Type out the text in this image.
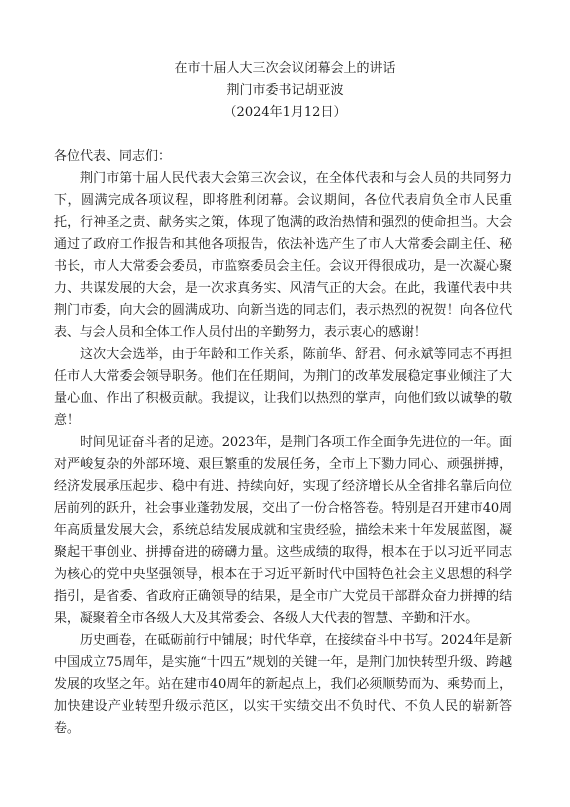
在市十届人大三次会议闭幕会上的讲话
荆门市委书记胡亚波
（2024年1月12日）

各位代表、同志们：

荆门市第十届人民代表大会第三次会议，在全体代表和与会人员的共同努力下，圆满完成各项议程，即将胜利闭幕。会议期间，各位代表肩负全市人民重托，行神圣之责、献务实之策，体现了饱满的政治热情和强烈的使命担当。大会通过了政府工作报告和其他各项报告，依法补选产生了市人大常委会副主任、秘书长，市人大常委会委员，市监察委员会主任。会议开得很成功，是一次凝心聚力、共谋发展的大会，是一次求真务实、风清气正的大会。在此，我谨代表中共荆门市委，向大会的圆满成功、向新当选的同志们，表示热烈的祝贺！向各位代表、与会人员和全体工作人员付出的辛勤努力，表示衷心的感谢！

这次大会选举，由于年龄和工作关系，陈前华、舒君、何永斌等同志不再担任市人大常委会领导职务。他们在任期间，为荆门的改革发展稳定事业倾注了大量心血、作出了积极贡献。我提议，让我们以热烈的掌声，向他们致以诚挚的敬意！

时间见证奋斗者的足迹。2023年，是荆门各项工作全面争先进位的一年。面对严峻复杂的外部环境、艰巨繁重的发展任务，全市上下勠力同心、顽强拼搏，经济发展承压起步、稳中有进、持续向好，实现了经济增长从全省排名靠后向位居前列的跃升，社会事业蓬勃发展，交出了一份合格答卷。特别是召开建市40周年高质量发展大会，系统总结发展成就和宝贵经验，描绘未来十年发展蓝图，凝聚起干事创业、拼搏奋进的磅礴力量。这些成绩的取得，根本在于以习近平同志为核心的党中央坚强领导，根本在于习近平新时代中国特色社会主义思想的科学指引，是省委、省政府正确领导的结果，是全市广大党员干部群众奋力拼搏的结果，凝聚着全市各级人大及其常委会、各级人大代表的智慧、辛勤和汗水。

历史画卷，在砥砺前行中铺展；时代华章，在接续奋斗中书写。2024年是新中国成立75周年，是实施“十四五”规划的关键一年，是荆门加快转型升级、跨越发展的攻坚之年。站在建市40周年的新起点上，我们必须顺势而为、乘势而上，加快建设产业转型升级示范区，以实干实绩交出不负时代、不负人民的崭新答卷。
